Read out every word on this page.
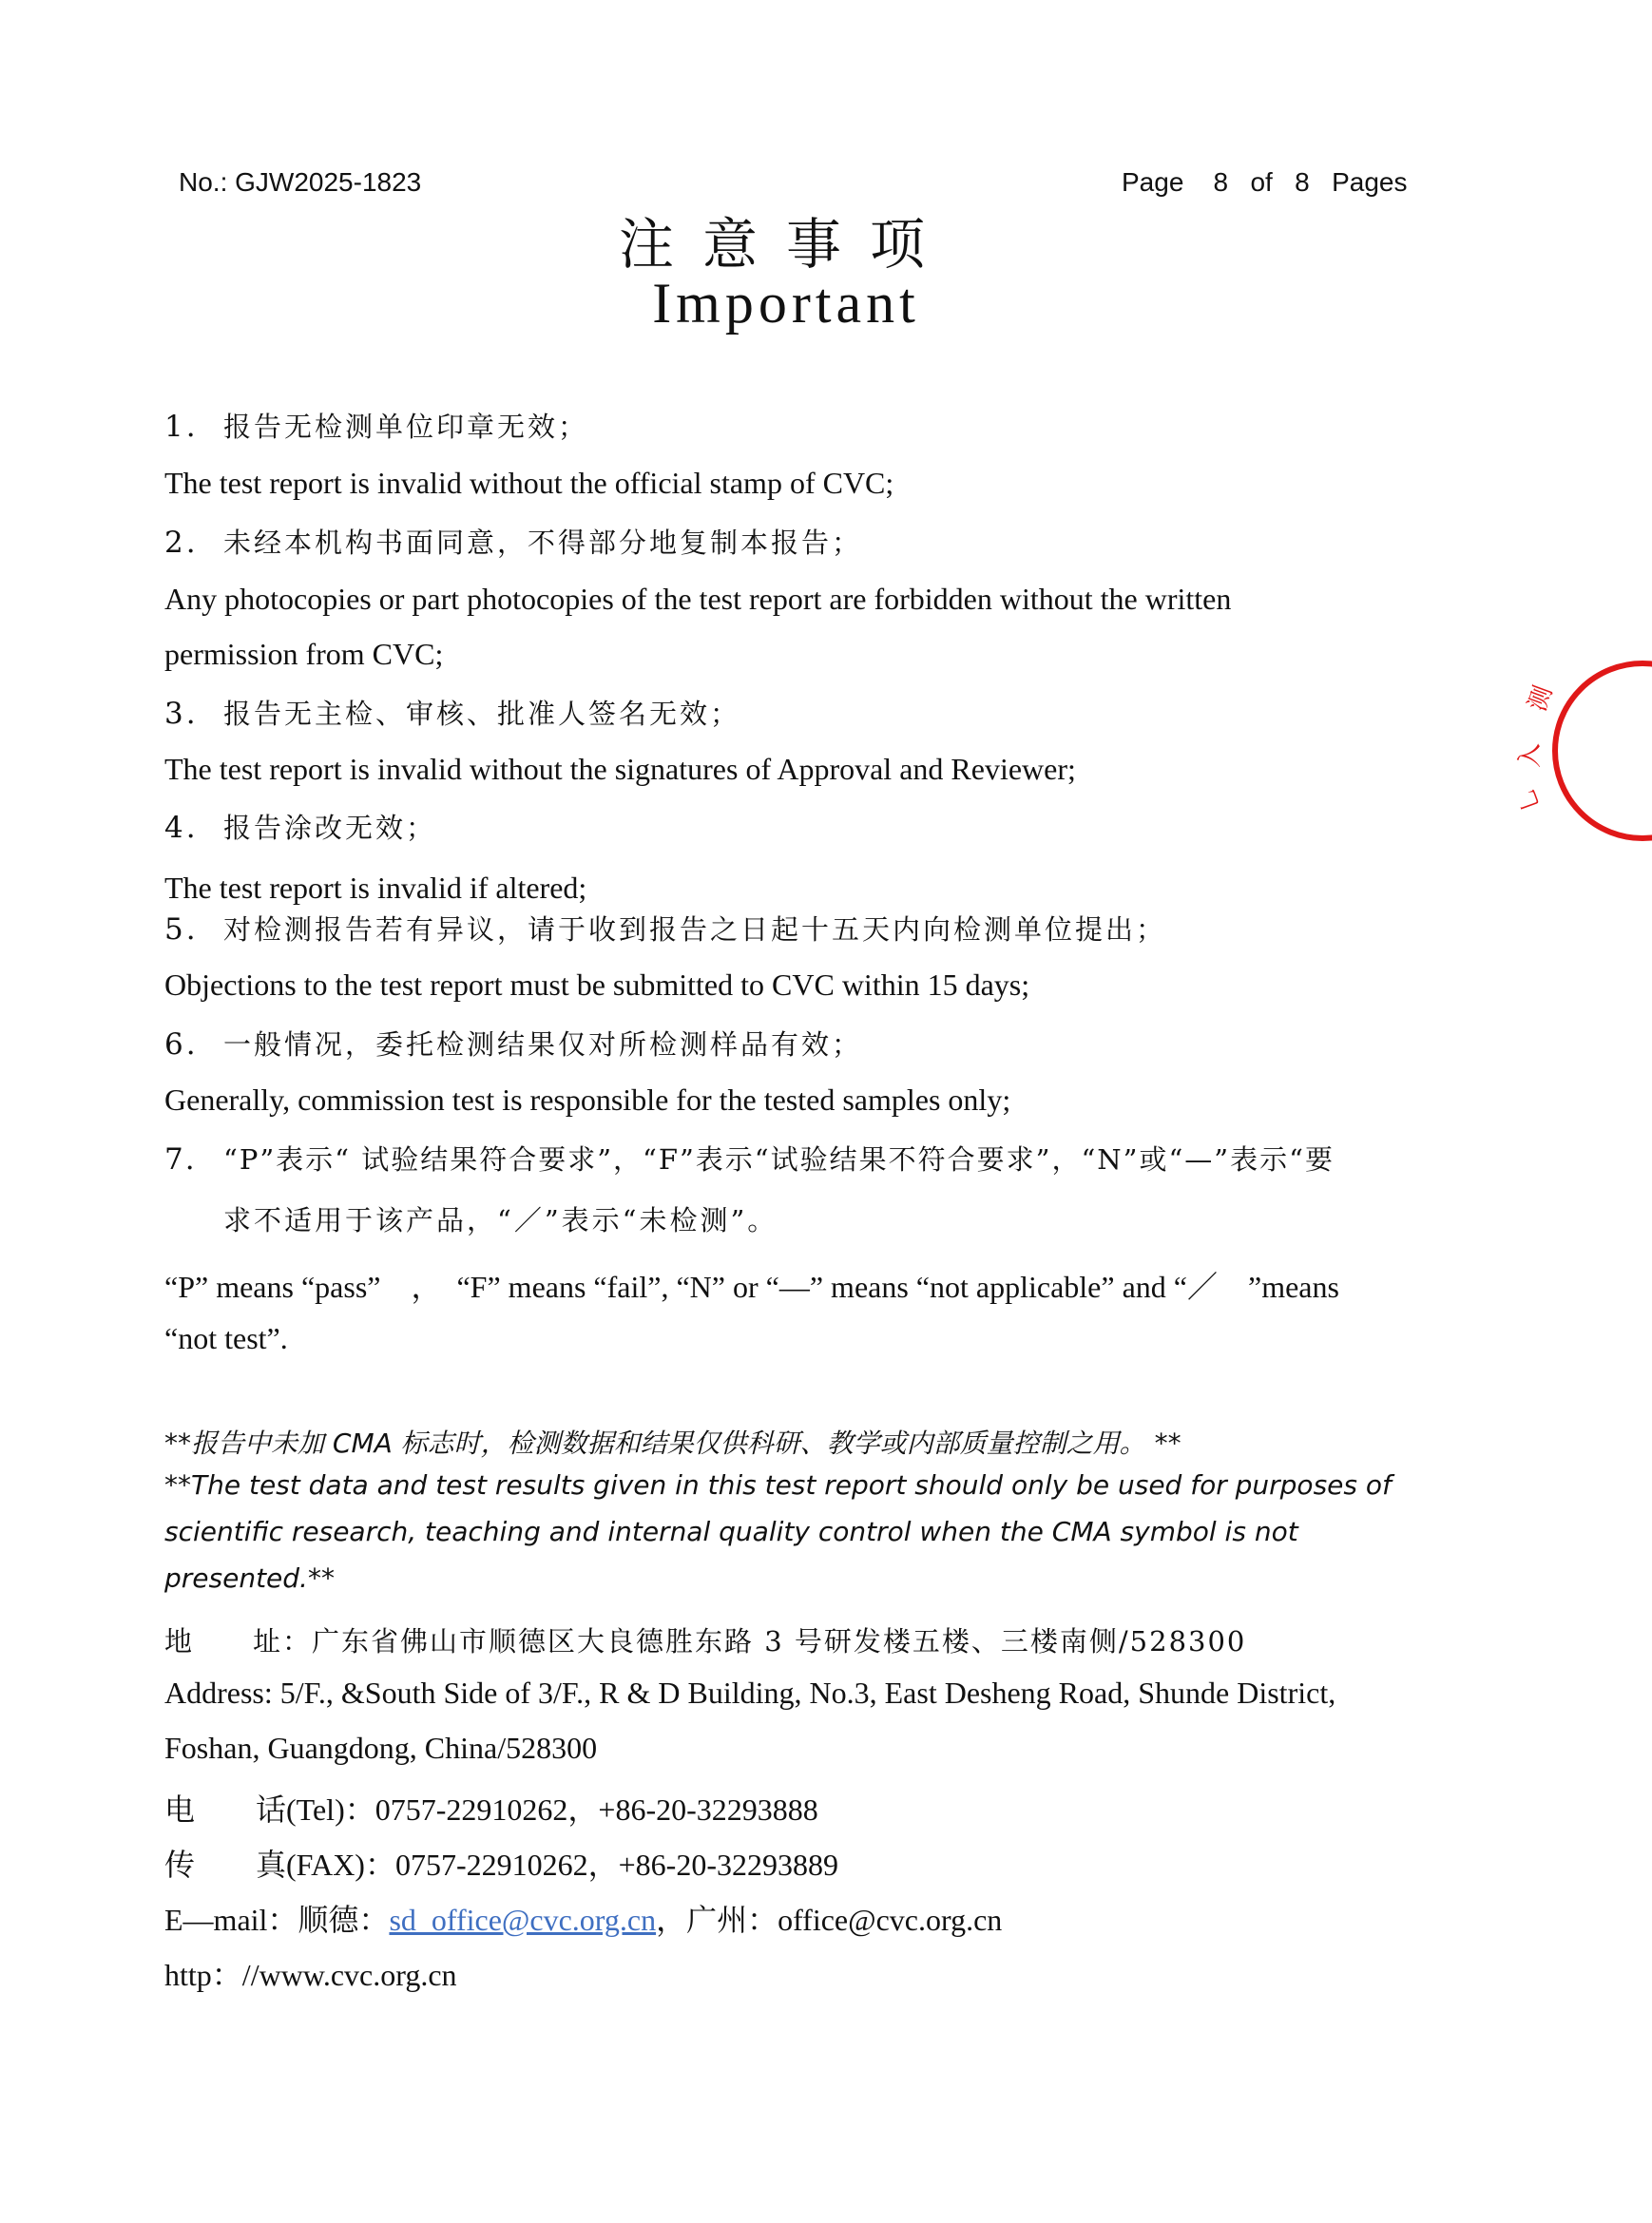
No.: GJW2025-1823	Page 8 of 8 Pages
注意事项
Important
1. 报告无检测单位印章无效；
The test report is invalid without the official stamp of CVC;
2. 未经本机构书面同意，不得部分地复制本报告；
Any photocopies or part photocopies of the test report are forbidden without the written
permission from CVC;
3. 报告无主检、审核、批准人签名无效；
The test report is invalid without the signatures of Approval and Reviewer;
4. 报告涂改无效；
The test report is invalid if altered;
5. 对检测报告若有异议，请于收到报告之日起十五天内向检测单位提出；
Objections to the test report must be submitted to CVC within 15 days;
6. 一般情况，委托检测结果仅对所检测样品有效；
Generally, commission test is responsible for the tested samples only;
7. “P”表示“ 试验结果符合要求”，“F”表示“试验结果不符合要求”，“N”或“—”表示“要
求不适用于该产品，“／”表示“未检测”。
“P” means “pass”　，　“F” means “fail”, “N” or “—” means “not applicable” and “／　”means
“not test”.
**报告中未加 CMA 标志时，检测数据和结果仅供科研、教学或内部质量控制之用。 **
**The test data and test results given in this test report should only be used for purposes of
scientific research, teaching and internal quality control when the CMA symbol is not
presented.**
地　　址：广东省佛山市顺德区大良德胜东路 3 号研发楼五楼、三楼南侧/528300
Address: 5/F., &South Side of 3/F., R & D Building, No.3, East Desheng Road, Shunde District,
Foshan, Guangdong, China/528300
电　　话(Tel)：0757-22910262，+86-20-32293888
传　　真(FAX)：0757-22910262，+86-20-32293889
E—mail：顺德：sd_office@cvc.org.cn，广州：office@cvc.org.cn
http：//www.cvc.org.cn
测
入
乚
